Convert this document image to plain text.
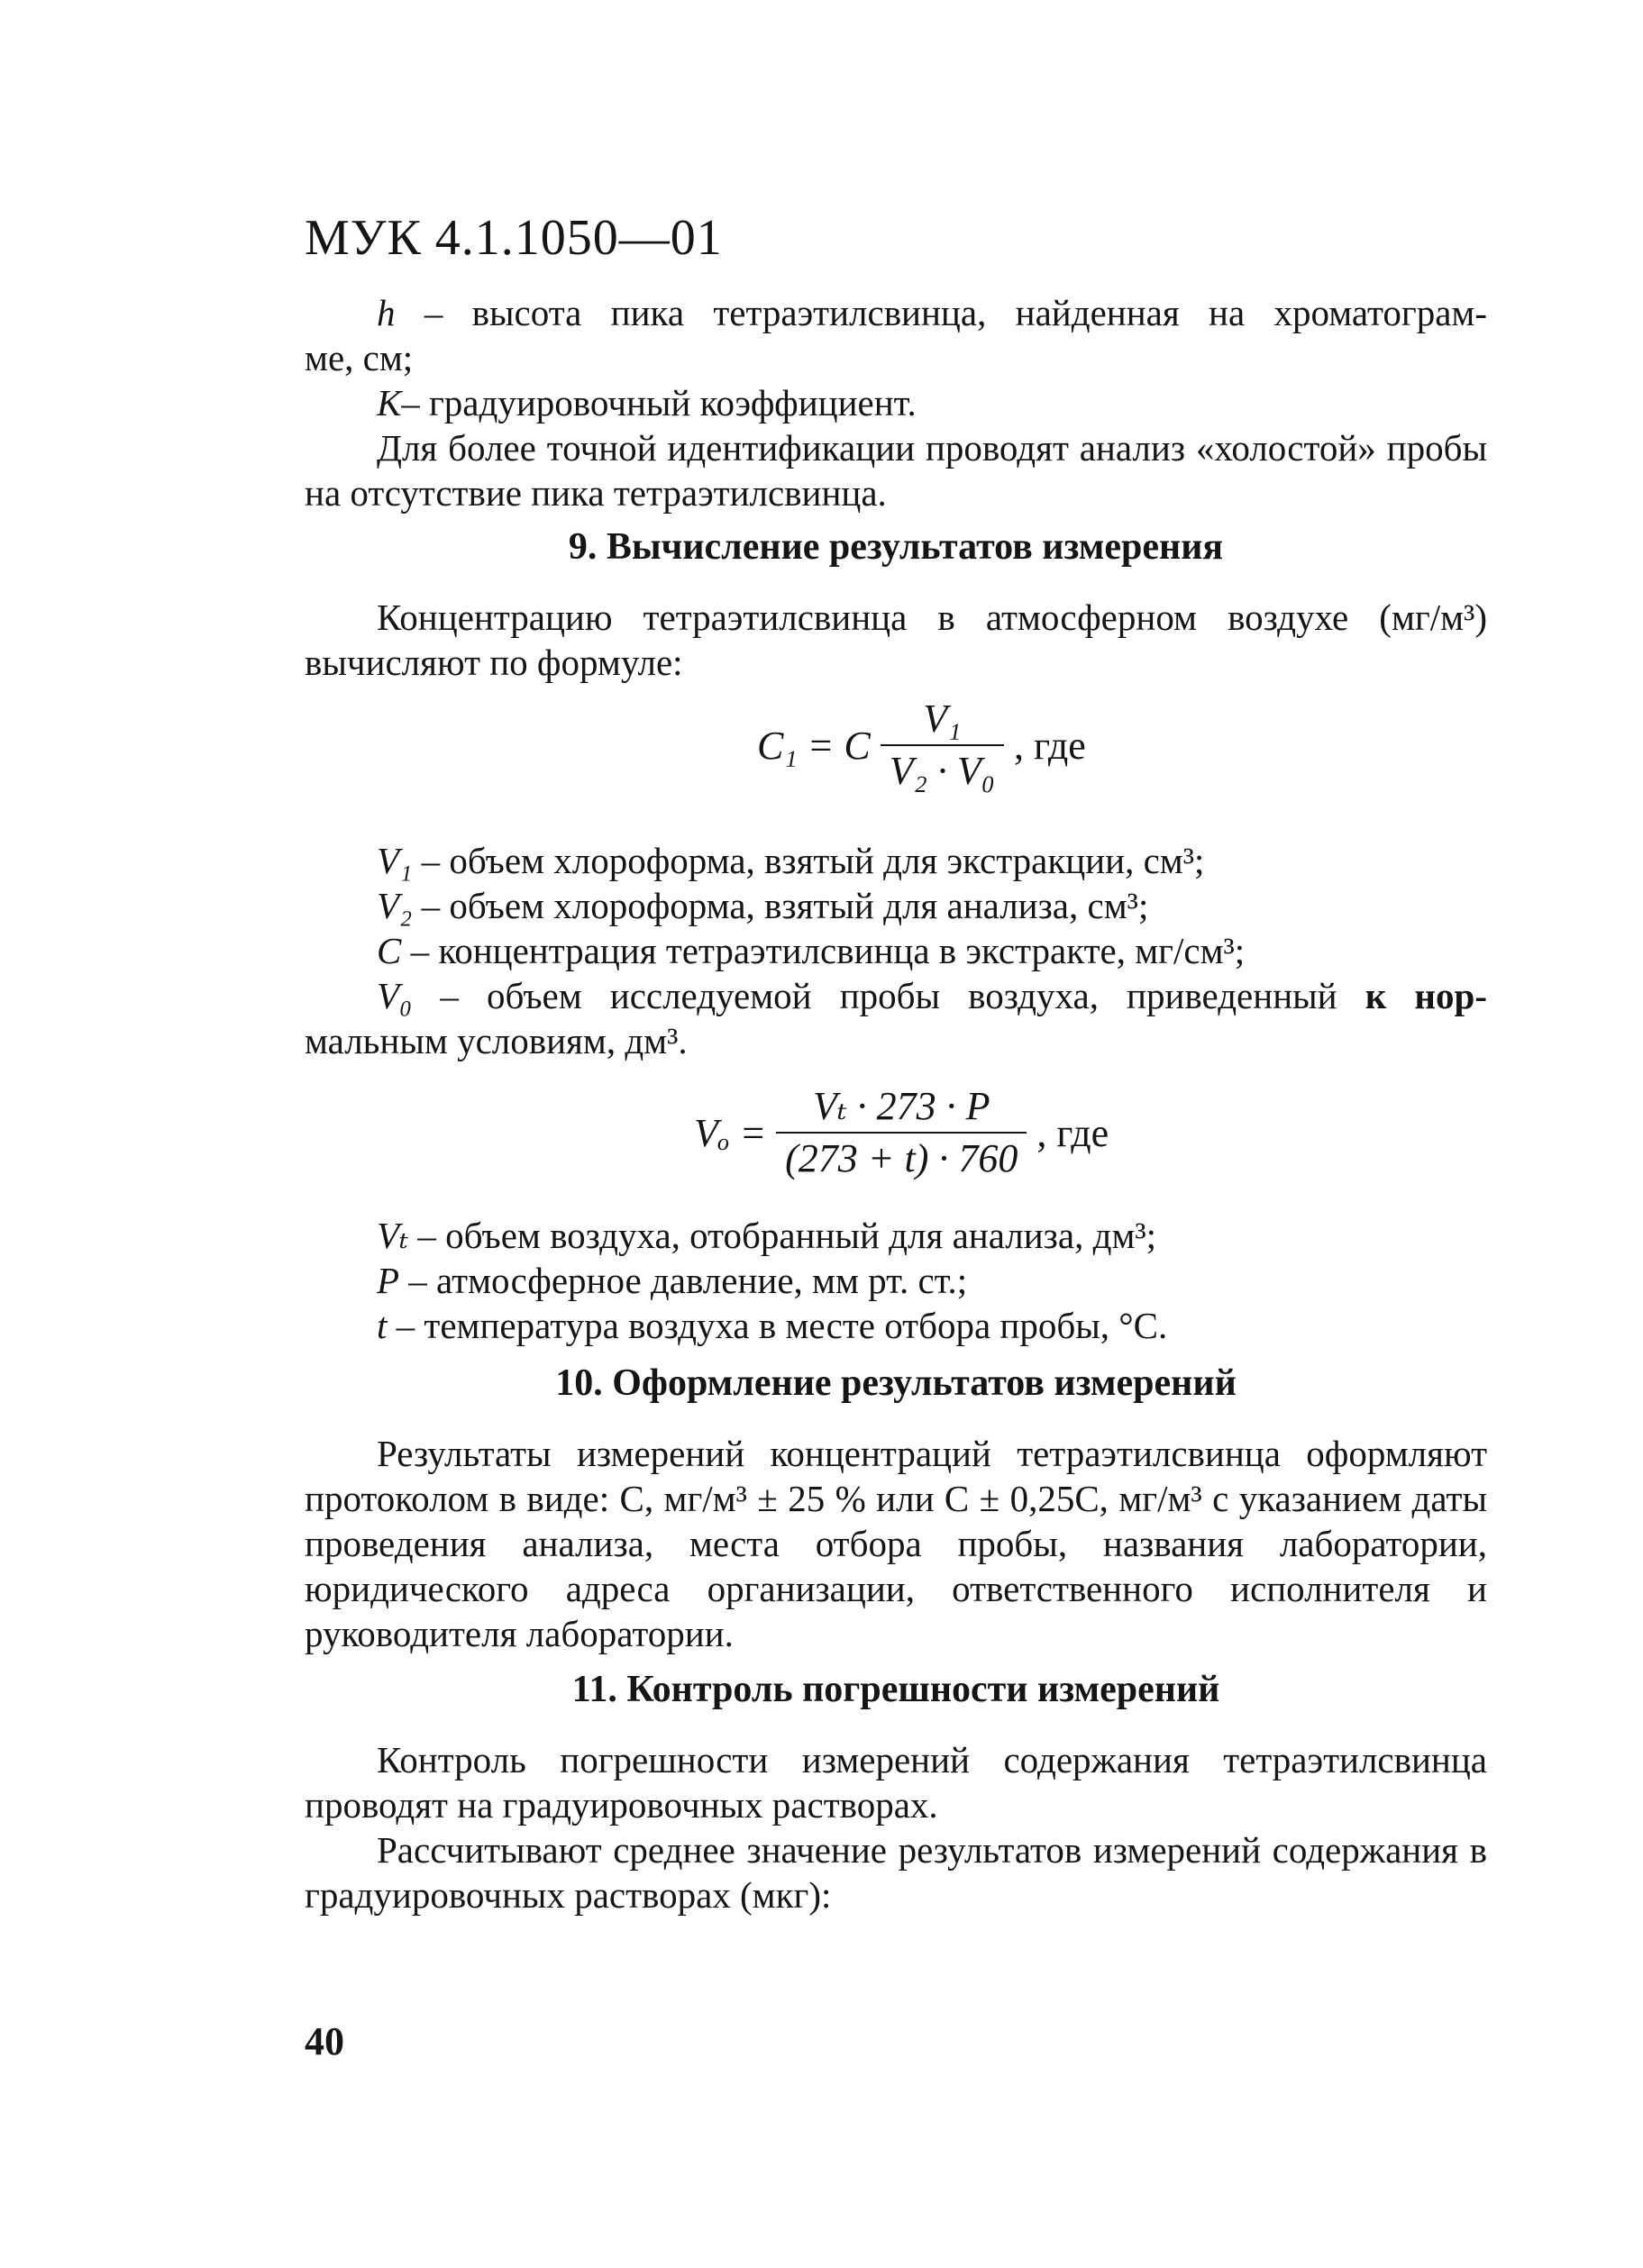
МУК 4.1.1050—01
h – высота пика тетраэтилсвинца, найденная на хроматограм-
ме, см;
К– градуировочный коэффициент.
Для более точной идентификации проводят анализ «холостой» пробы на отсутствие пика тетраэтилсвинца.
9. Вычисление результатов измерения
Концентрацию тетраэтилсвинца в атмосферном воздухе (мг/м³) вычисляют по формуле:
C₁ = C $\frac{\text{V₁}}{\text{V₂ · V₀}}$ , где
V₁ – объем хлороформа, взятый для экстракции, см³;
V₂ – объем хлороформа, взятый для анализа, см³;
С – концентрация тетраэтилсвинца в экстракте, мг/см³;
V₀ – объем исследуемой пробы воздуха, приведенный к нор-
мальным условиям, дм³.
$V_o = \frac{\text{Vₜ · 273 · P}}{(273 + t) \cdot 760}$ , где
Vₜ – объем воздуха, отобранный для анализа, дм³;
Р – атмосферное давление, мм рт. ст.;
t – температура воздуха в месте отбора пробы, °С.
10. Оформление результатов измерений
Результаты измерений концентраций тетраэтилсвинца оформляют протоколом в виде: С, мг/м³ ± 25 % или С ± 0,25С, мг/м³ с указанием даты проведения анализа, места отбора пробы, названия лаборатории, юридического адреса организации, ответственного исполнителя и руководителя лаборатории.
11. Контроль погрешности измерений
Контроль погрешности измерений содержания тетраэтилсвинца проводят на градуировочных растворах.
Рассчитывают среднее значение результатов измерений содержания в градуировочных растворах (мкг):
40
